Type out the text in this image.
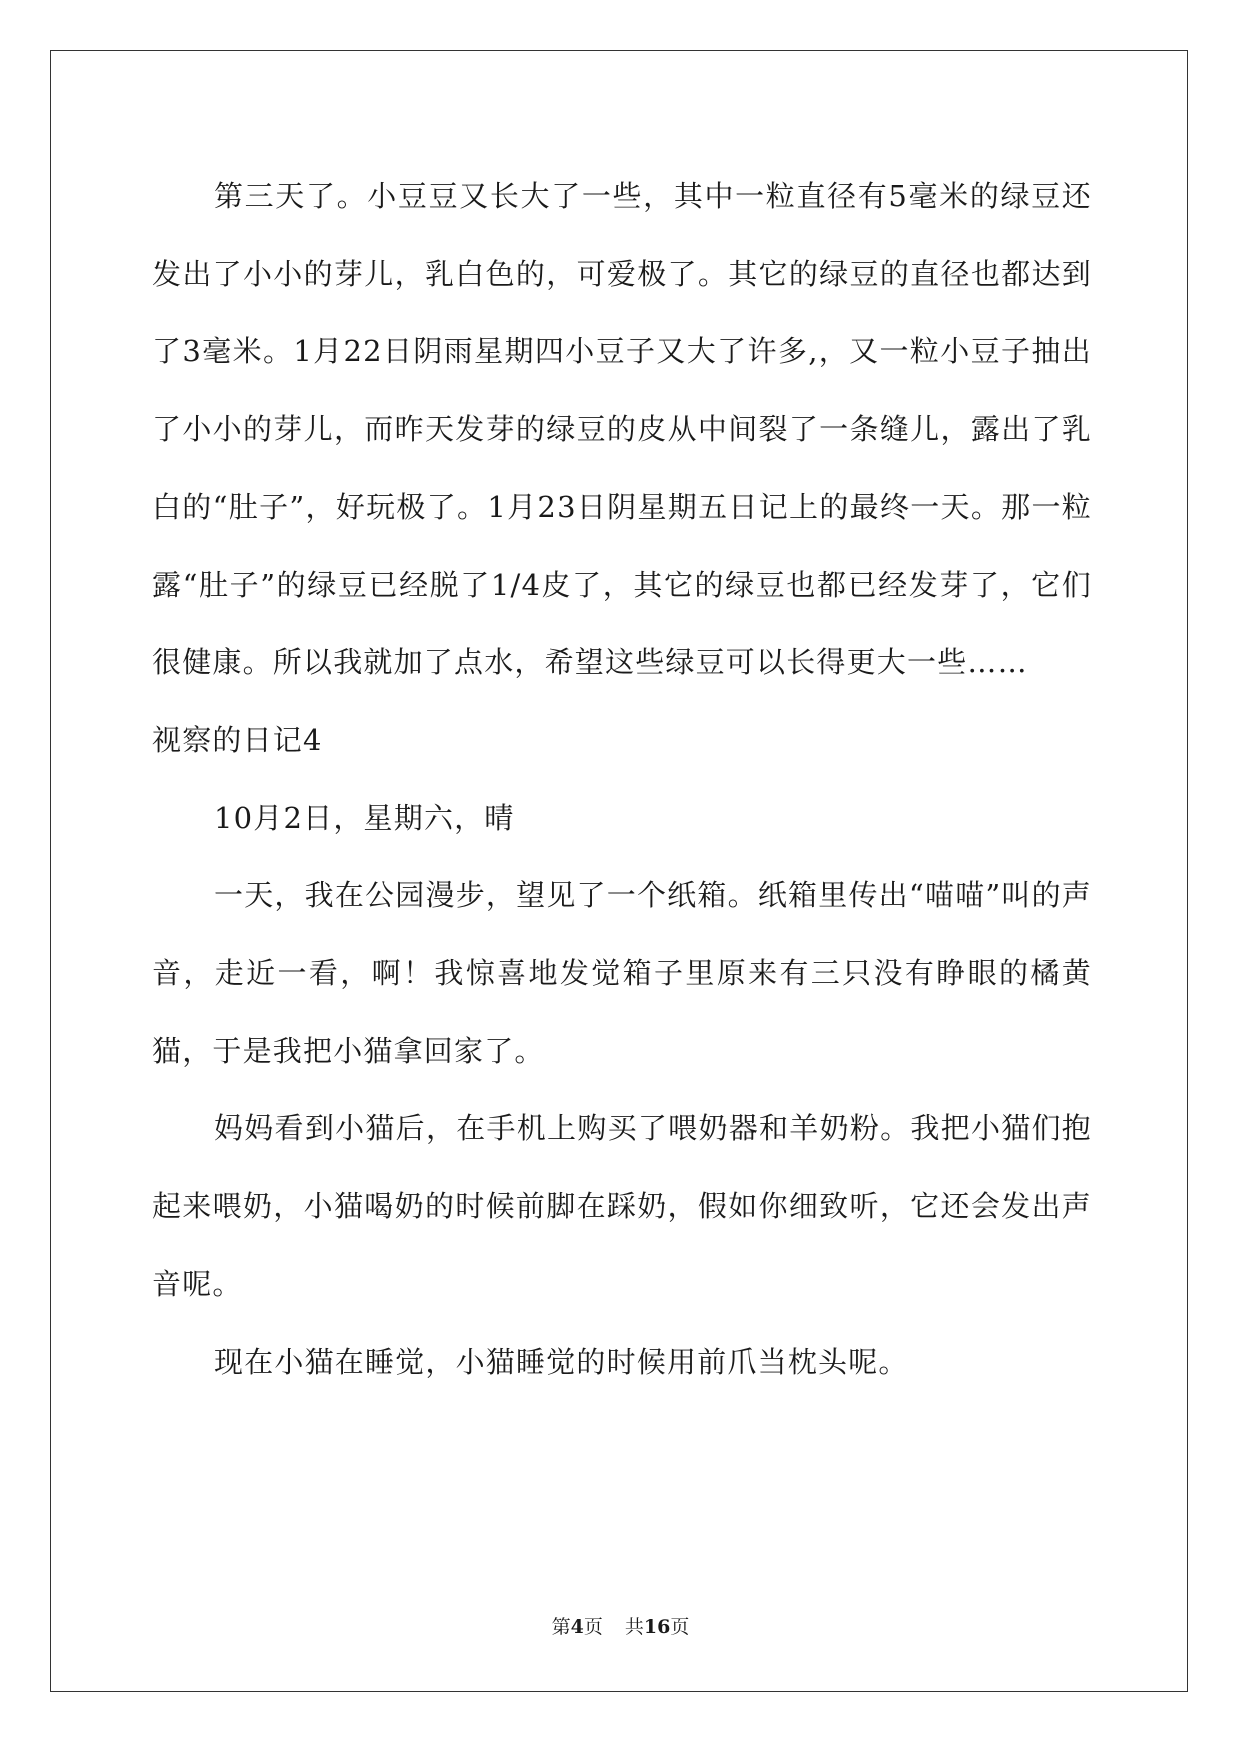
第三天了。小豆豆又长大了一些，其中一粒直径有5毫米的绿豆还发出了小小的芽儿，乳白色的，可爱极了。其它的绿豆的直径也都达到了3毫米。1月22日阴雨星期四小豆子又大了许多,，又一粒小豆子抽出了小小的芽儿，而昨天发芽的绿豆的皮从中间裂了一条缝儿，露出了乳白的“肚子”，好玩极了。1月23日阴星期五日记上的最终一天。那一粒露“肚子”的绿豆已经脱了1/4皮了，其它的绿豆也都已经发芽了，它们很健康。所以我就加了点水，希望这些绿豆可以长得更大一些……

视察的日记4

10月2日，星期六，晴

一天，我在公园漫步，望见了一个纸箱。纸箱里传出“喵喵”叫的声音，走近一看，啊！我惊喜地发觉箱子里原来有三只没有睁眼的橘黄猫，于是我把小猫拿回家了。

妈妈看到小猫后，在手机上购买了喂奶器和羊奶粉。我把小猫们抱起来喂奶，小猫喝奶的时候前脚在踩奶，假如你细致听，它还会发出声音呢。

现在小猫在睡觉，小猫睡觉的时候用前爪当枕头呢。

第4页 共16页
